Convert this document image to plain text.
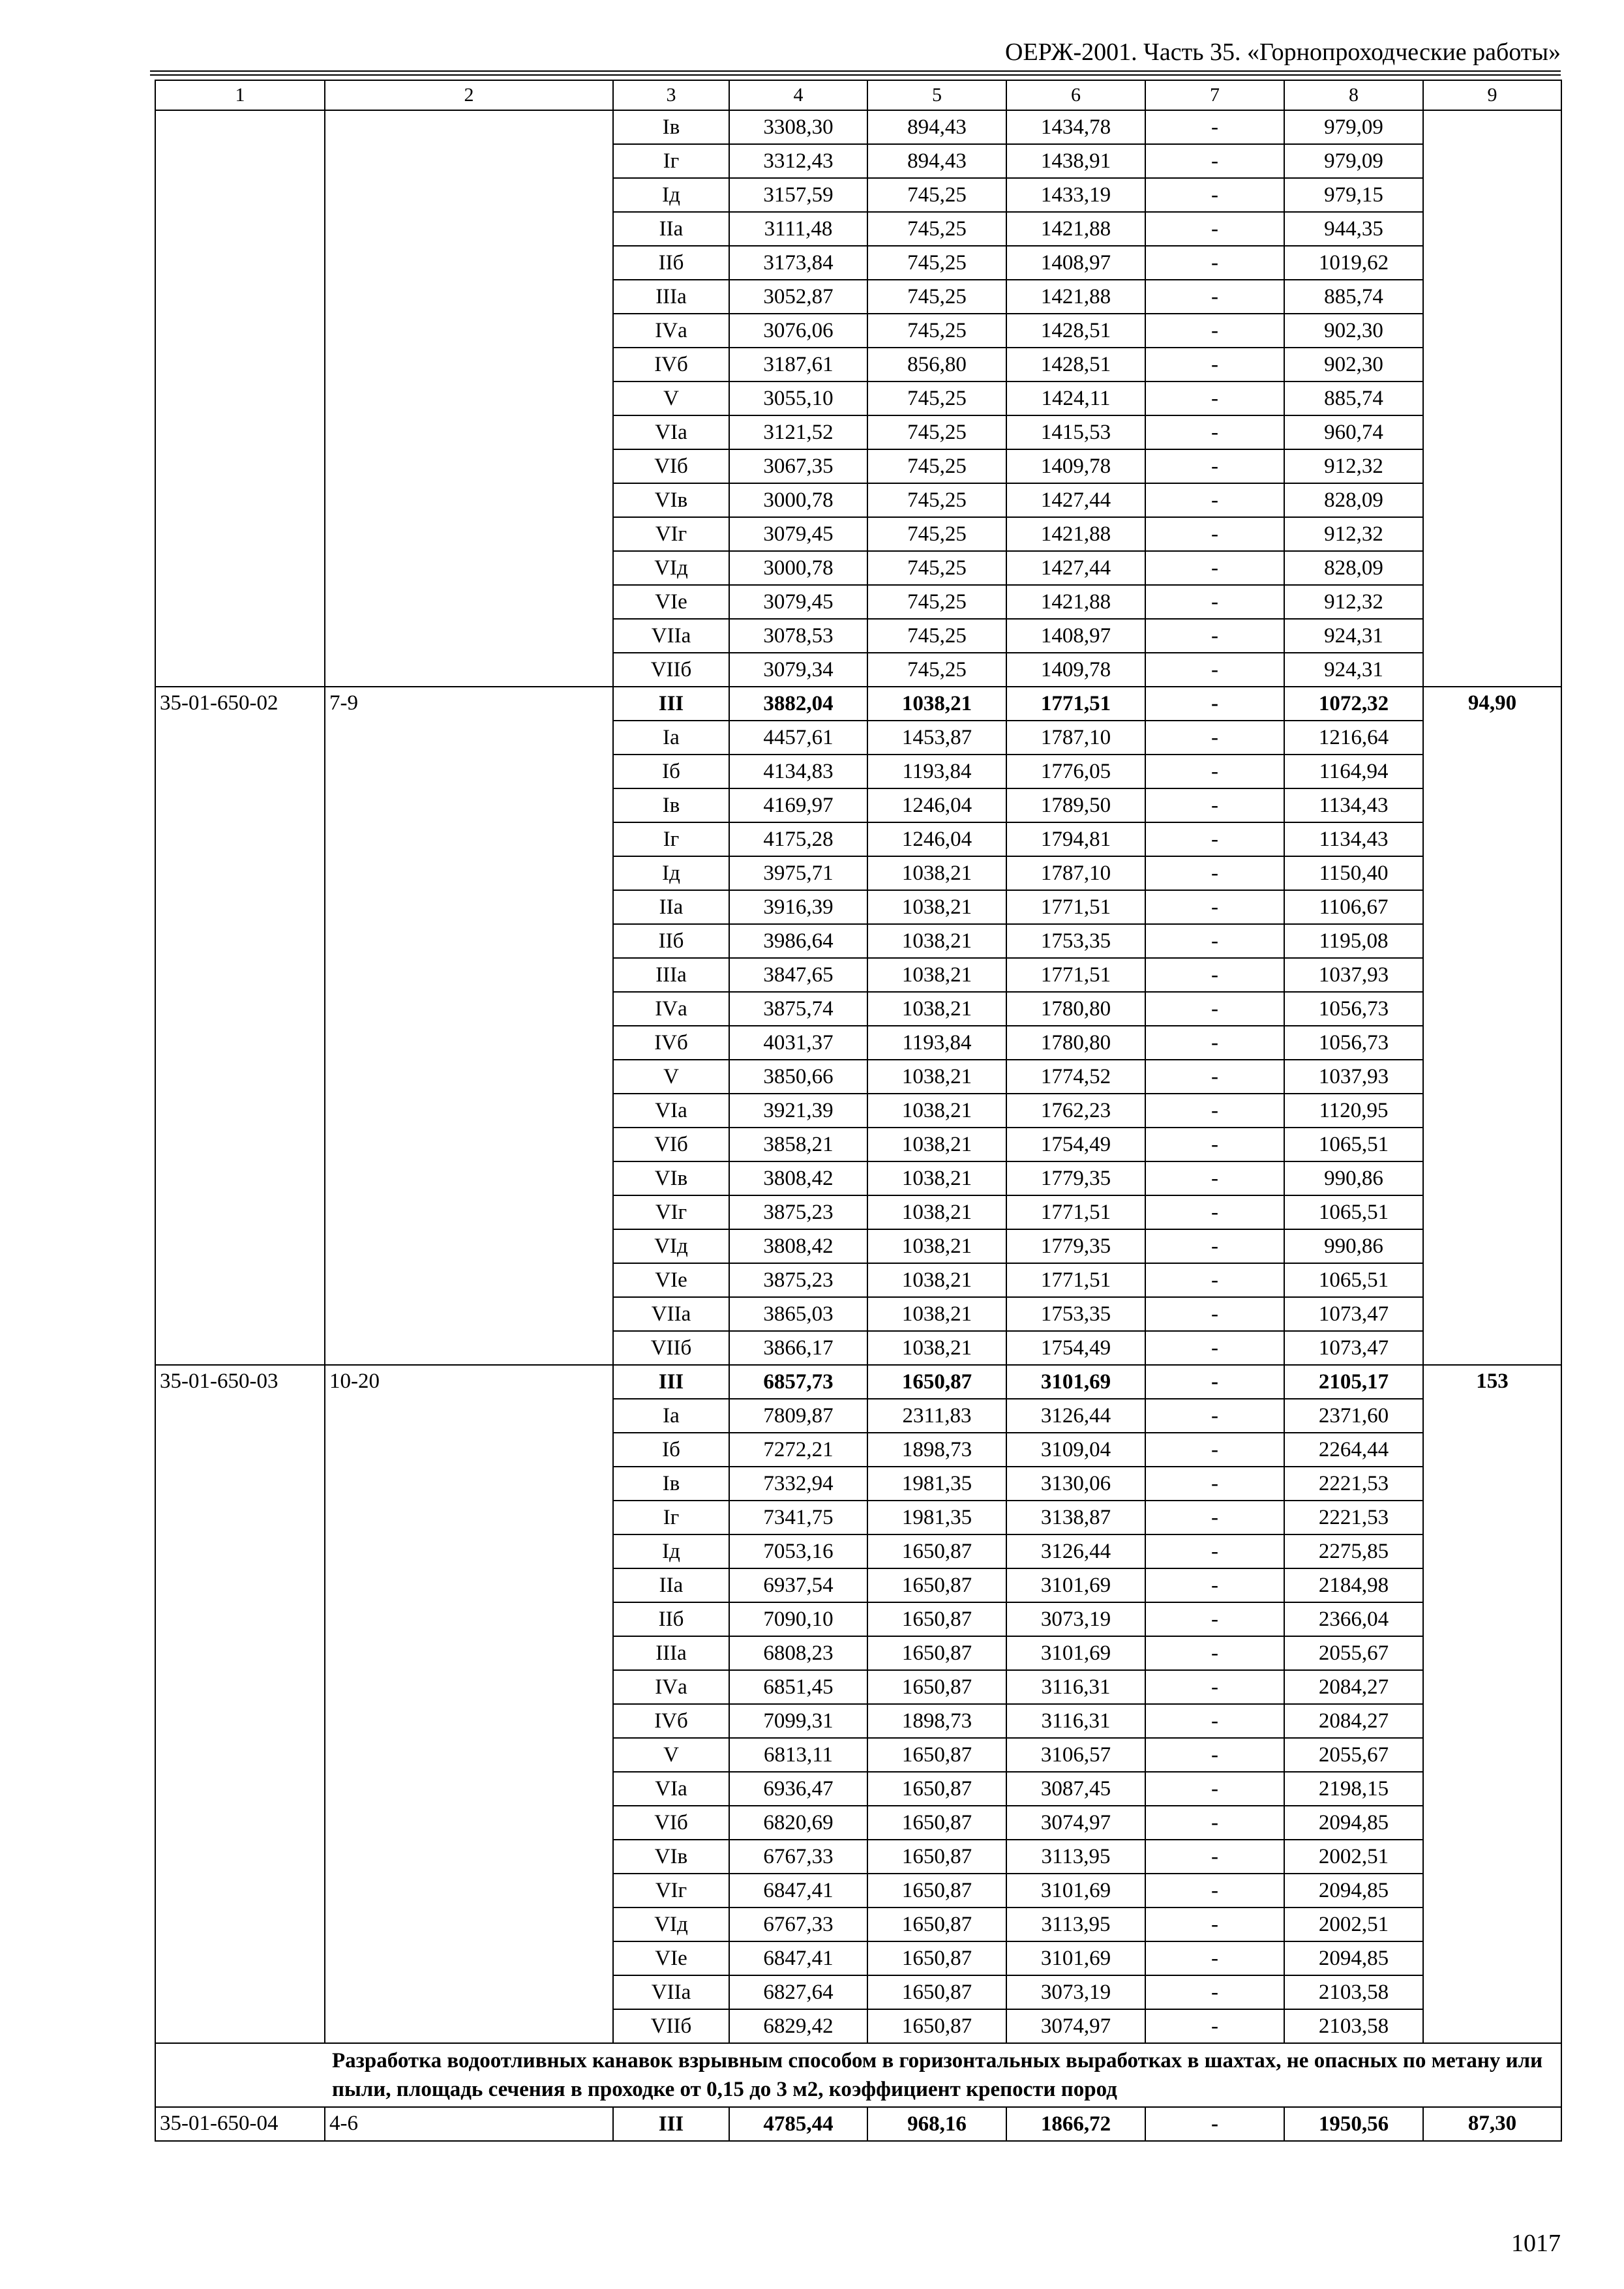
ОЕРЖ-2001. Часть 35. «Горнопроходческие работы»
1	2	3	4	5	6	7	8	9
		Iв	3308,30	894,43	1434,78	-	979,09	
		Iг	3312,43	894,43	1438,91	-	979,09	
		Iд	3157,59	745,25	1433,19	-	979,15	
		IIа	3111,48	745,25	1421,88	-	944,35	
		IIб	3173,84	745,25	1408,97	-	1019,62	
		IIIа	3052,87	745,25	1421,88	-	885,74	
		IVа	3076,06	745,25	1428,51	-	902,30	
		IVб	3187,61	856,80	1428,51	-	902,30	
		V	3055,10	745,25	1424,11	-	885,74	
		VIа	3121,52	745,25	1415,53	-	960,74	
		VIб	3067,35	745,25	1409,78	-	912,32	
		VIв	3000,78	745,25	1427,44	-	828,09	
		VIг	3079,45	745,25	1421,88	-	912,32	
		VIд	3000,78	745,25	1427,44	-	828,09	
		VIе	3079,45	745,25	1421,88	-	912,32	
		VIIа	3078,53	745,25	1408,97	-	924,31	
		VIIб	3079,34	745,25	1409,78	-	924,31	
35-01-650-02	7-9	III	3882,04	1038,21	1771,51	-	1072,32	94,90
		Iа	4457,61	1453,87	1787,10	-	1216,64	
		Iб	4134,83	1193,84	1776,05	-	1164,94	
		Iв	4169,97	1246,04	1789,50	-	1134,43	
		Iг	4175,28	1246,04	1794,81	-	1134,43	
		Iд	3975,71	1038,21	1787,10	-	1150,40	
		IIа	3916,39	1038,21	1771,51	-	1106,67	
		IIб	3986,64	1038,21	1753,35	-	1195,08	
		IIIа	3847,65	1038,21	1771,51	-	1037,93	
		IVа	3875,74	1038,21	1780,80	-	1056,73	
		IVб	4031,37	1193,84	1780,80	-	1056,73	
		V	3850,66	1038,21	1774,52	-	1037,93	
		VIа	3921,39	1038,21	1762,23	-	1120,95	
		VIб	3858,21	1038,21	1754,49	-	1065,51	
		VIв	3808,42	1038,21	1779,35	-	990,86	
		VIг	3875,23	1038,21	1771,51	-	1065,51	
		VIд	3808,42	1038,21	1779,35	-	990,86	
		VIе	3875,23	1038,21	1771,51	-	1065,51	
		VIIа	3865,03	1038,21	1753,35	-	1073,47	
		VIIб	3866,17	1038,21	1754,49	-	1073,47	
35-01-650-03	10-20	III	6857,73	1650,87	3101,69	-	2105,17	153
		Iа	7809,87	2311,83	3126,44	-	2371,60	
		Iб	7272,21	1898,73	3109,04	-	2264,44	
		Iв	7332,94	1981,35	3130,06	-	2221,53	
		Iг	7341,75	1981,35	3138,87	-	2221,53	
		Iд	7053,16	1650,87	3126,44	-	2275,85	
		IIа	6937,54	1650,87	3101,69	-	2184,98	
		IIб	7090,10	1650,87	3073,19	-	2366,04	
		IIIа	6808,23	1650,87	3101,69	-	2055,67	
		IVа	6851,45	1650,87	3116,31	-	2084,27	
		IVб	7099,31	1898,73	3116,31	-	2084,27	
		V	6813,11	1650,87	3106,57	-	2055,67	
		VIа	6936,47	1650,87	3087,45	-	2198,15	
		VIб	6820,69	1650,87	3074,97	-	2094,85	
		VIв	6767,33	1650,87	3113,95	-	2002,51	
		VIг	6847,41	1650,87	3101,69	-	2094,85	
		VIд	6767,33	1650,87	3113,95	-	2002,51	
		VIе	6847,41	1650,87	3101,69	-	2094,85	
		VIIа	6827,64	1650,87	3073,19	-	2103,58	
		VIIб	6829,42	1650,87	3074,97	-	2103,58	
Разработка водоотливных канавок взрывным способом в горизонтальных выработках в шахтах, не опасных по метану или пыли, площадь сечения в проходке от 0,15 до 3 м2, коэффициент крепости пород								
35-01-650-04	4-6	III	4785,44	968,16	1866,72	-	1950,56	87,30
1017
